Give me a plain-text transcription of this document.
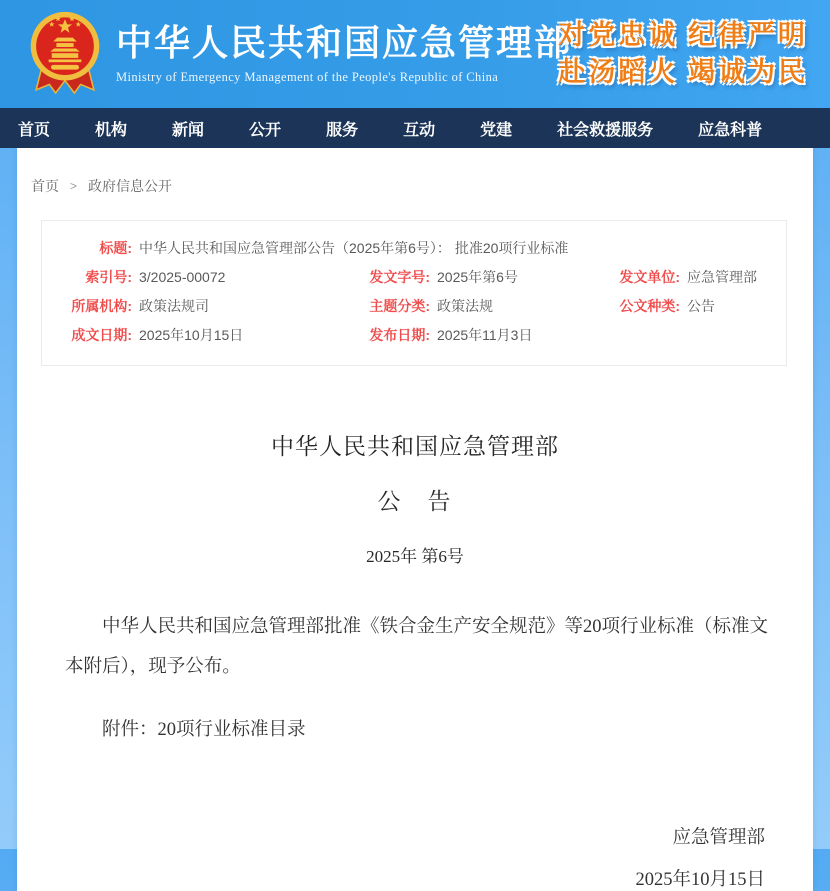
中华人民共和国应急管理部
Ministry of Emergency Management of the People's Republic of China
对党忠诚 纪律严明
赴汤蹈火 竭诚为民
首页	机构	新闻	公开	服务	互动	党建	社会救援服务	应急科普
首页 > 政府信息公开
标题: 中华人民共和国应急管理部公告（2025年第6号）： 批准20项行业标准
索引号: 3/2025-00072	发文字号: 2025年第6号	发文单位: 应急管理部
所属机构: 政策法规司	主题分类: 政策法规	公文种类: 公告
成文日期: 2025年10月15日	发布日期: 2025年11月3日
中华人民共和国应急管理部
公　告
2025年 第6号

中华人民共和国应急管理部批准《铁合金生产安全规范》等20项行业标准（标准文本附后），现予公布。

附件：20项行业标准目录

应急管理部
2025年10月15日
